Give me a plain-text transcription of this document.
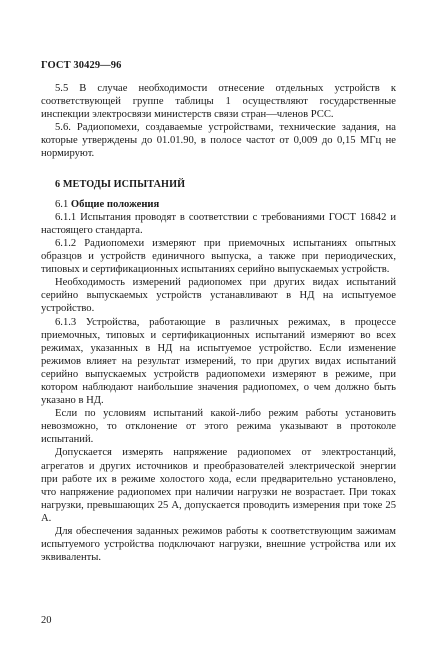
ГОСТ 30429—96

5.5 В случае необходимости отнесение отдельных устройств к соответствующей группе таблицы 1 осуществляют государственные инспекции электросвязи министерств связи стран—членов РСС.

5.6. Радиопомехи, создаваемые устройствами, технические задания, на которые утверждены до 01.01.90, в полосе частот от 0,009 до 0,15 МГц не нормируют.

6 МЕТОДЫ ИСПЫТАНИЙ

6.1 Общие положения

6.1.1 Испытания проводят в соответствии с требованиями ГОСТ 16842 и настоящего стандарта.

6.1.2 Радиопомехи измеряют при приемочных испытаниях опытных образцов и устройств единичного выпуска, а также при периодических, типовых и сертификационных испытаниях серийно выпускаемых устройств.

Необходимость измерений радиопомех при других видах испытаний серийно выпускаемых устройств устанавливают в НД на испытуемое устройство.

6.1.3 Устройства, работающие в различных режимах, в процессе приемочных, типовых и сертификационных испытаний измеряют во всех режимах, указанных в НД на испытуемое устройство. Если изменение режимов влияет на результат измерений, то при других видах испытаний серийно выпускаемых устройств радиопомехи измеряют в режиме, при котором наблюдают наибольшие значения радиопомех, о чем должно быть указано в НД.

Если по условиям испытаний какой-либо режим работы установить невозможно, то отклонение от этого режима указывают в протоколе испытаний.

Допускается измерять напряжение радиопомех от электростанций, агрегатов и других источников и преобразователей электрической энергии при работе их в режиме холостого хода, если предварительно установлено, что напряжение радиопомех при наличии нагрузки не возрастает. При токах нагрузки, превышающих 25 А, допускается проводить измерения при токе 25 А.

Для обеспечения заданных режимов работы к соответствующим зажимам испытуемого устройства подключают нагрузки, внешние устройства или их эквиваленты.

20
